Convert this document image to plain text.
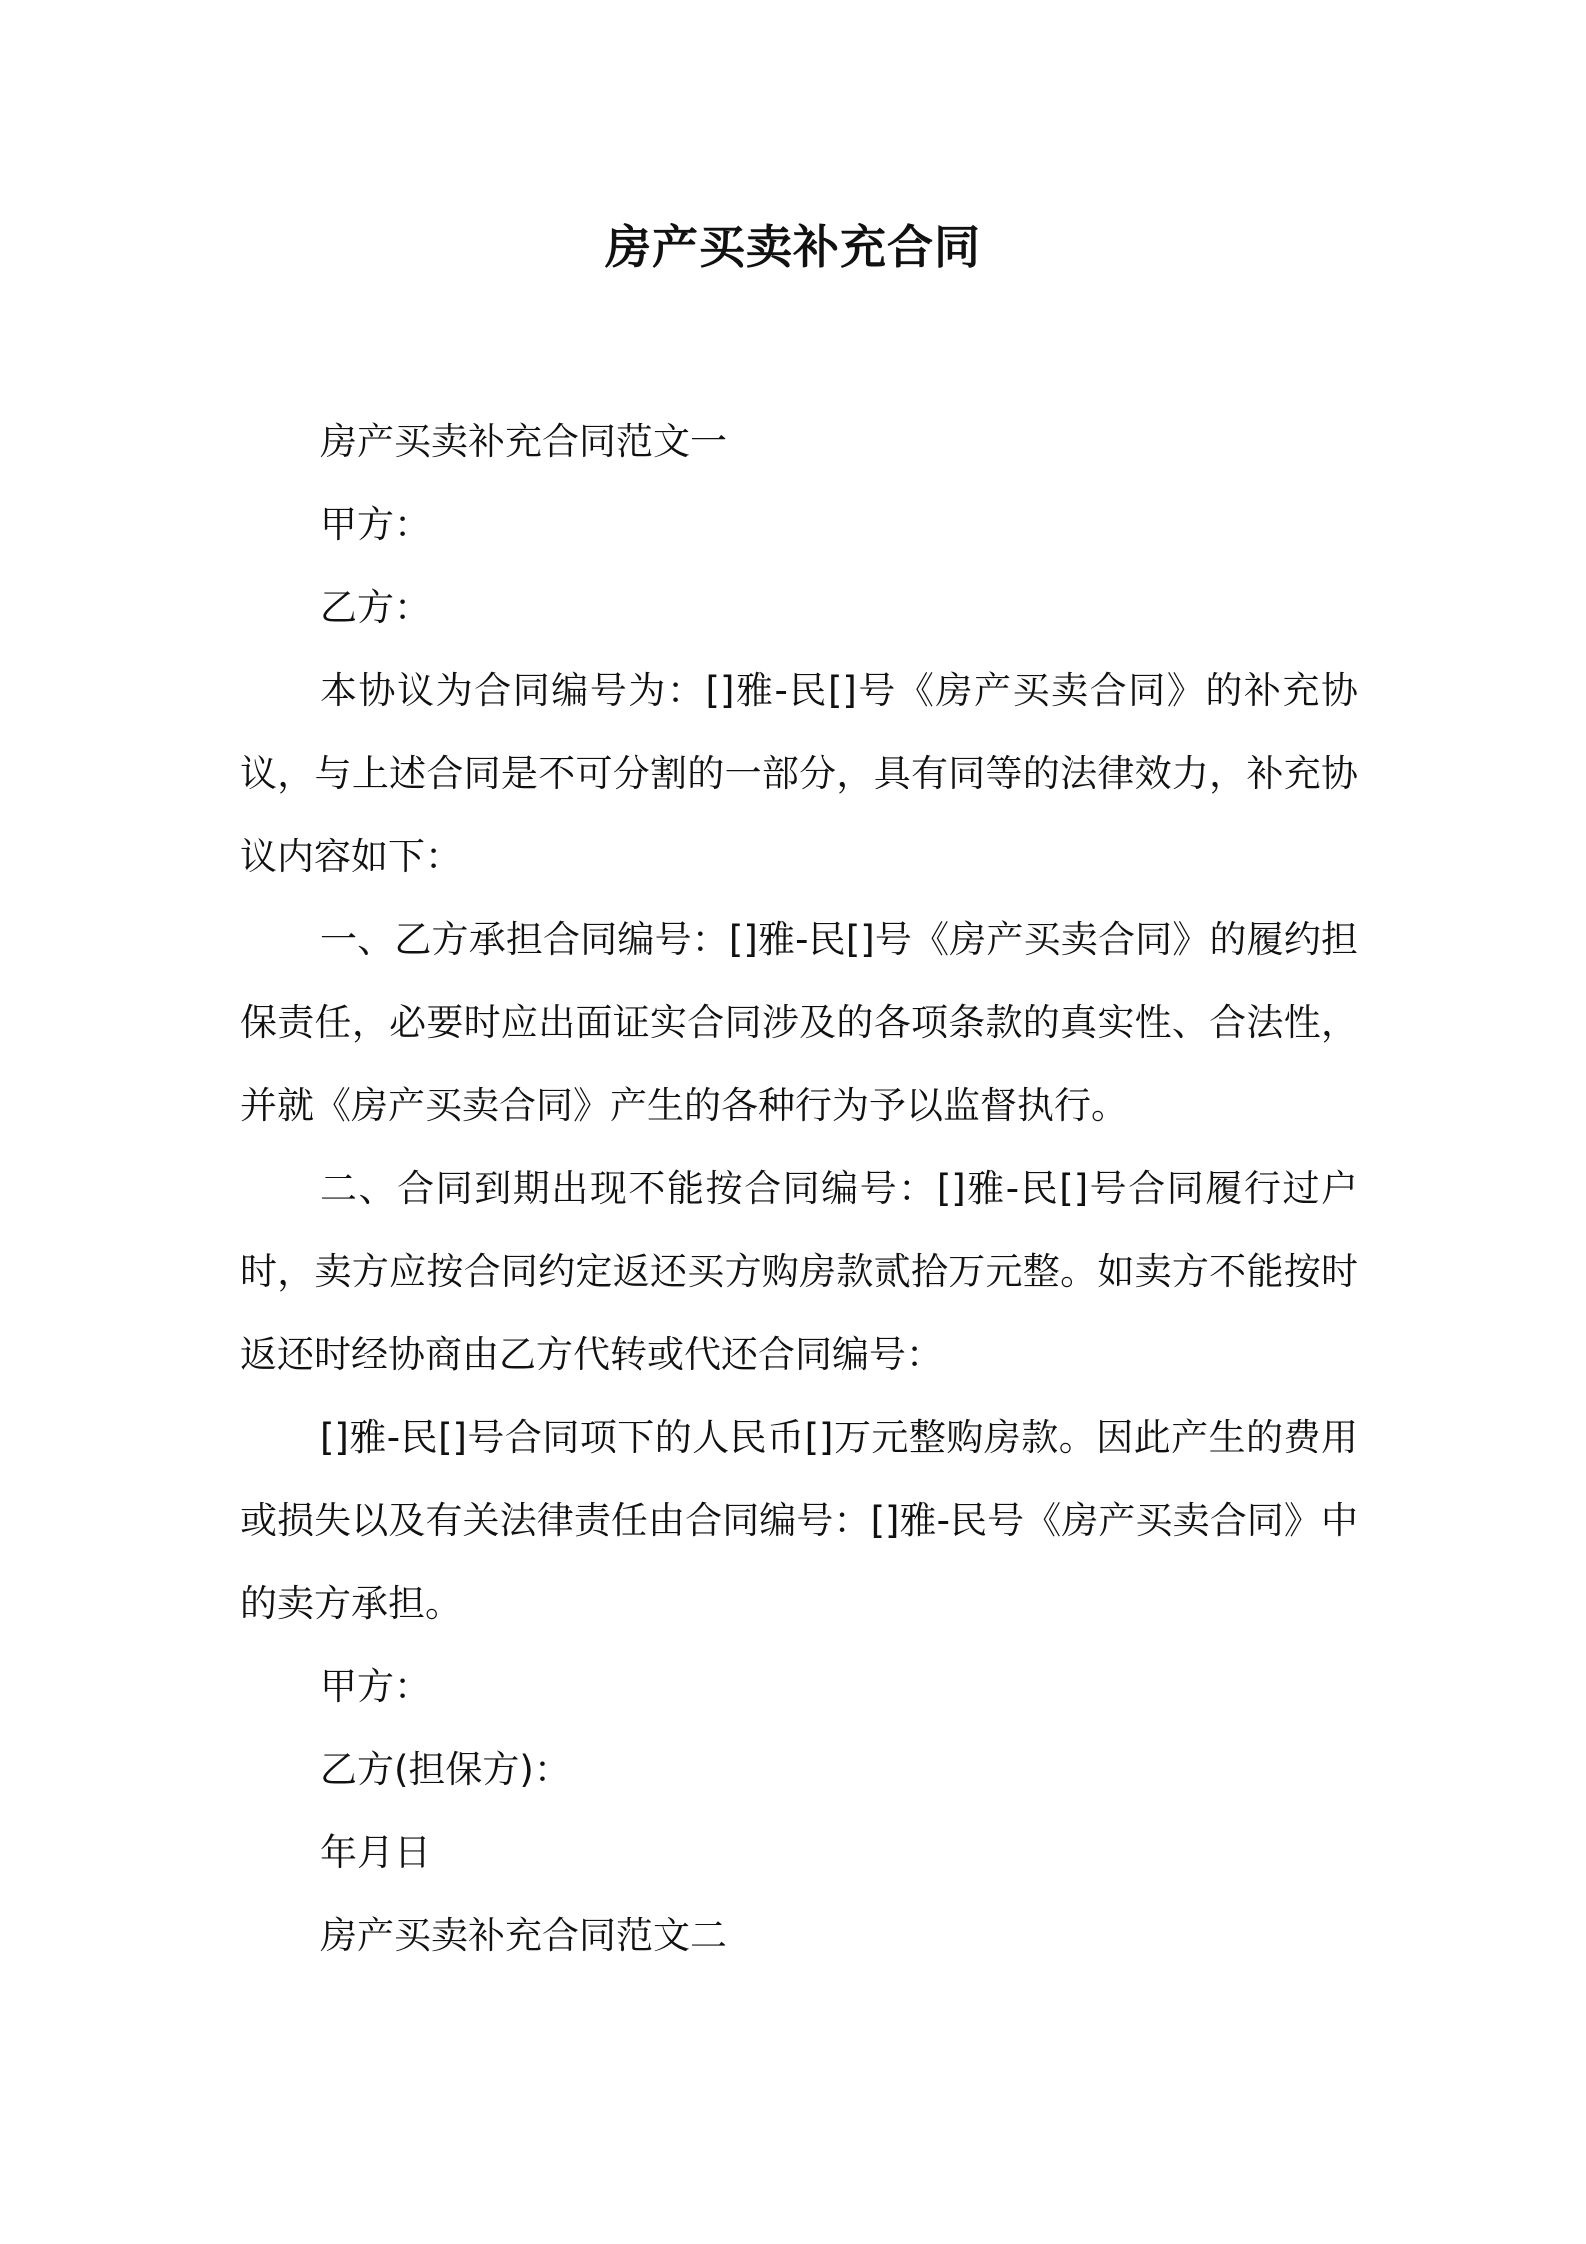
房产买卖补充合同

房产买卖补充合同范文一

甲方：

乙方：

本协议为合同编号为：[]雅-民[]号《房产买卖合同》的补充协议，与上述合同是不可分割的一部分，具有同等的法律效力，补充协议内容如下：

一、乙方承担合同编号：[]雅-民[]号《房产买卖合同》的履约担保责任，必要时应出面证实合同涉及的各项条款的真实性、合法性，并就《房产买卖合同》产生的各种行为予以监督执行。

二、合同到期出现不能按合同编号：[]雅-民[]号合同履行过户时，卖方应按合同约定返还买方购房款贰拾万元整。如卖方不能按时返还时经协商由乙方代转或代还合同编号：

[]雅-民[]号合同项下的人民币[]万元整购房款。因此产生的费用或损失以及有关法律责任由合同编号：[]雅-民号《房产买卖合同》中的卖方承担。

甲方：

乙方(担保方)：

年月日

房产买卖补充合同范文二
